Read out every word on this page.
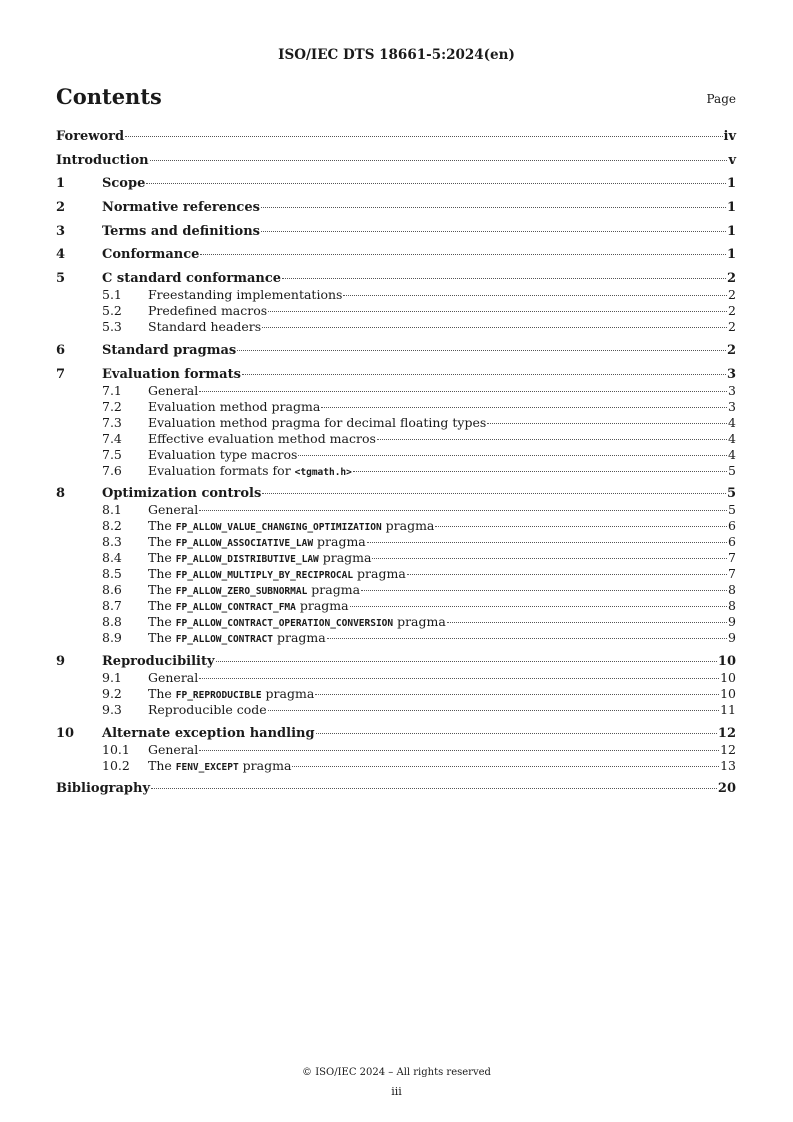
ISO/IEC DTS 18661-5:2024(en)
Contents	Page
Foreword	iv
Introduction	v
1	Scope	1
2	Normative references	1
3	Terms and definitions	1
4	Conformance	1
5	C standard conformance	2
5.1	Freestanding implementations	2
5.2	Predefined macros	2
5.3	Standard headers	2
6	Standard pragmas	2
7	Evaluation formats	3
7.1	General	3
7.2	Evaluation method pragma	3
7.3	Evaluation method pragma for decimal floating types	4
7.4	Effective evaluation method macros	4
7.5	Evaluation type macros	4
7.6	Evaluation formats for <tgmath.h>	5
8	Optimization controls	5
8.1	General	5
8.2	The FP_ALLOW_VALUE_CHANGING_OPTIMIZATION pragma	6
8.3	The FP_ALLOW_ASSOCIATIVE_LAW pragma	6
8.4	The FP_ALLOW_DISTRIBUTIVE_LAW pragma	7
8.5	The FP_ALLOW_MULTIPLY_BY_RECIPROCAL pragma	7
8.6	The FP_ALLOW_ZERO_SUBNORMAL pragma	8
8.7	The FP_ALLOW_CONTRACT_FMA pragma	8
8.8	The FP_ALLOW_CONTRACT_OPERATION_CONVERSION pragma	9
8.9	The FP_ALLOW_CONTRACT pragma	9
9	Reproducibility	10
9.1	General	10
9.2	The FP_REPRODUCIBLE pragma	10
9.3	Reproducible code	11
10	Alternate exception handling	12
10.1	General	12
10.2	The FENV_EXCEPT pragma	13
Bibliography	20
© ISO/IEC 2024 – All rights reserved
iii
